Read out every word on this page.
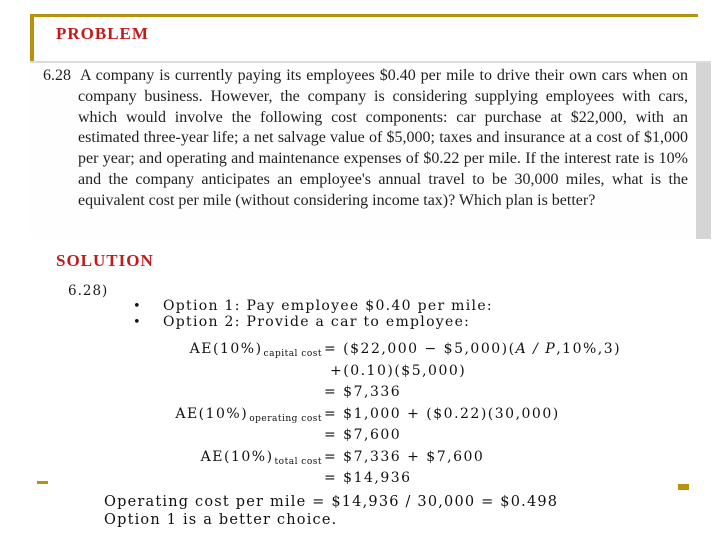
PROBLEM

6.28 A company is currently paying its employees $0.40 per mile to drive their own cars when on company business. However, the company is considering supplying employees with cars, which would involve the following cost components: car purchase at $22,000, with an estimated three-year life; a net salvage value of $5,000; taxes and insurance at a cost of $1,000 per year; and operating and maintenance expenses of $0.22 per mile. If the interest rate is 10% and the company anticipates an employee's annual travel to be 30,000 miles, what is the equivalent cost per mile (without considering income tax)? Which plan is better?

SOLUTION
6.28)
•	Option 1: Pay employee $0.40 per mile:
•	Option 2: Provide a car to employee:
$AE(10\%)_{capital cost}$ = ($22,000 − $5,000)(A / P,10%,3)
+(0.10)($5,000)
= $7,336
$AE(10\%)_{operating cost}$ = $1,000 + ($0.22)(30,000)
= $7,600
$AE(10\%)_{total cost}$ = $7,336 + $7,600
= $14,936
Operating cost per mile = $14,936 / 30,000 = $0.498
Option 1 is a better choice.
